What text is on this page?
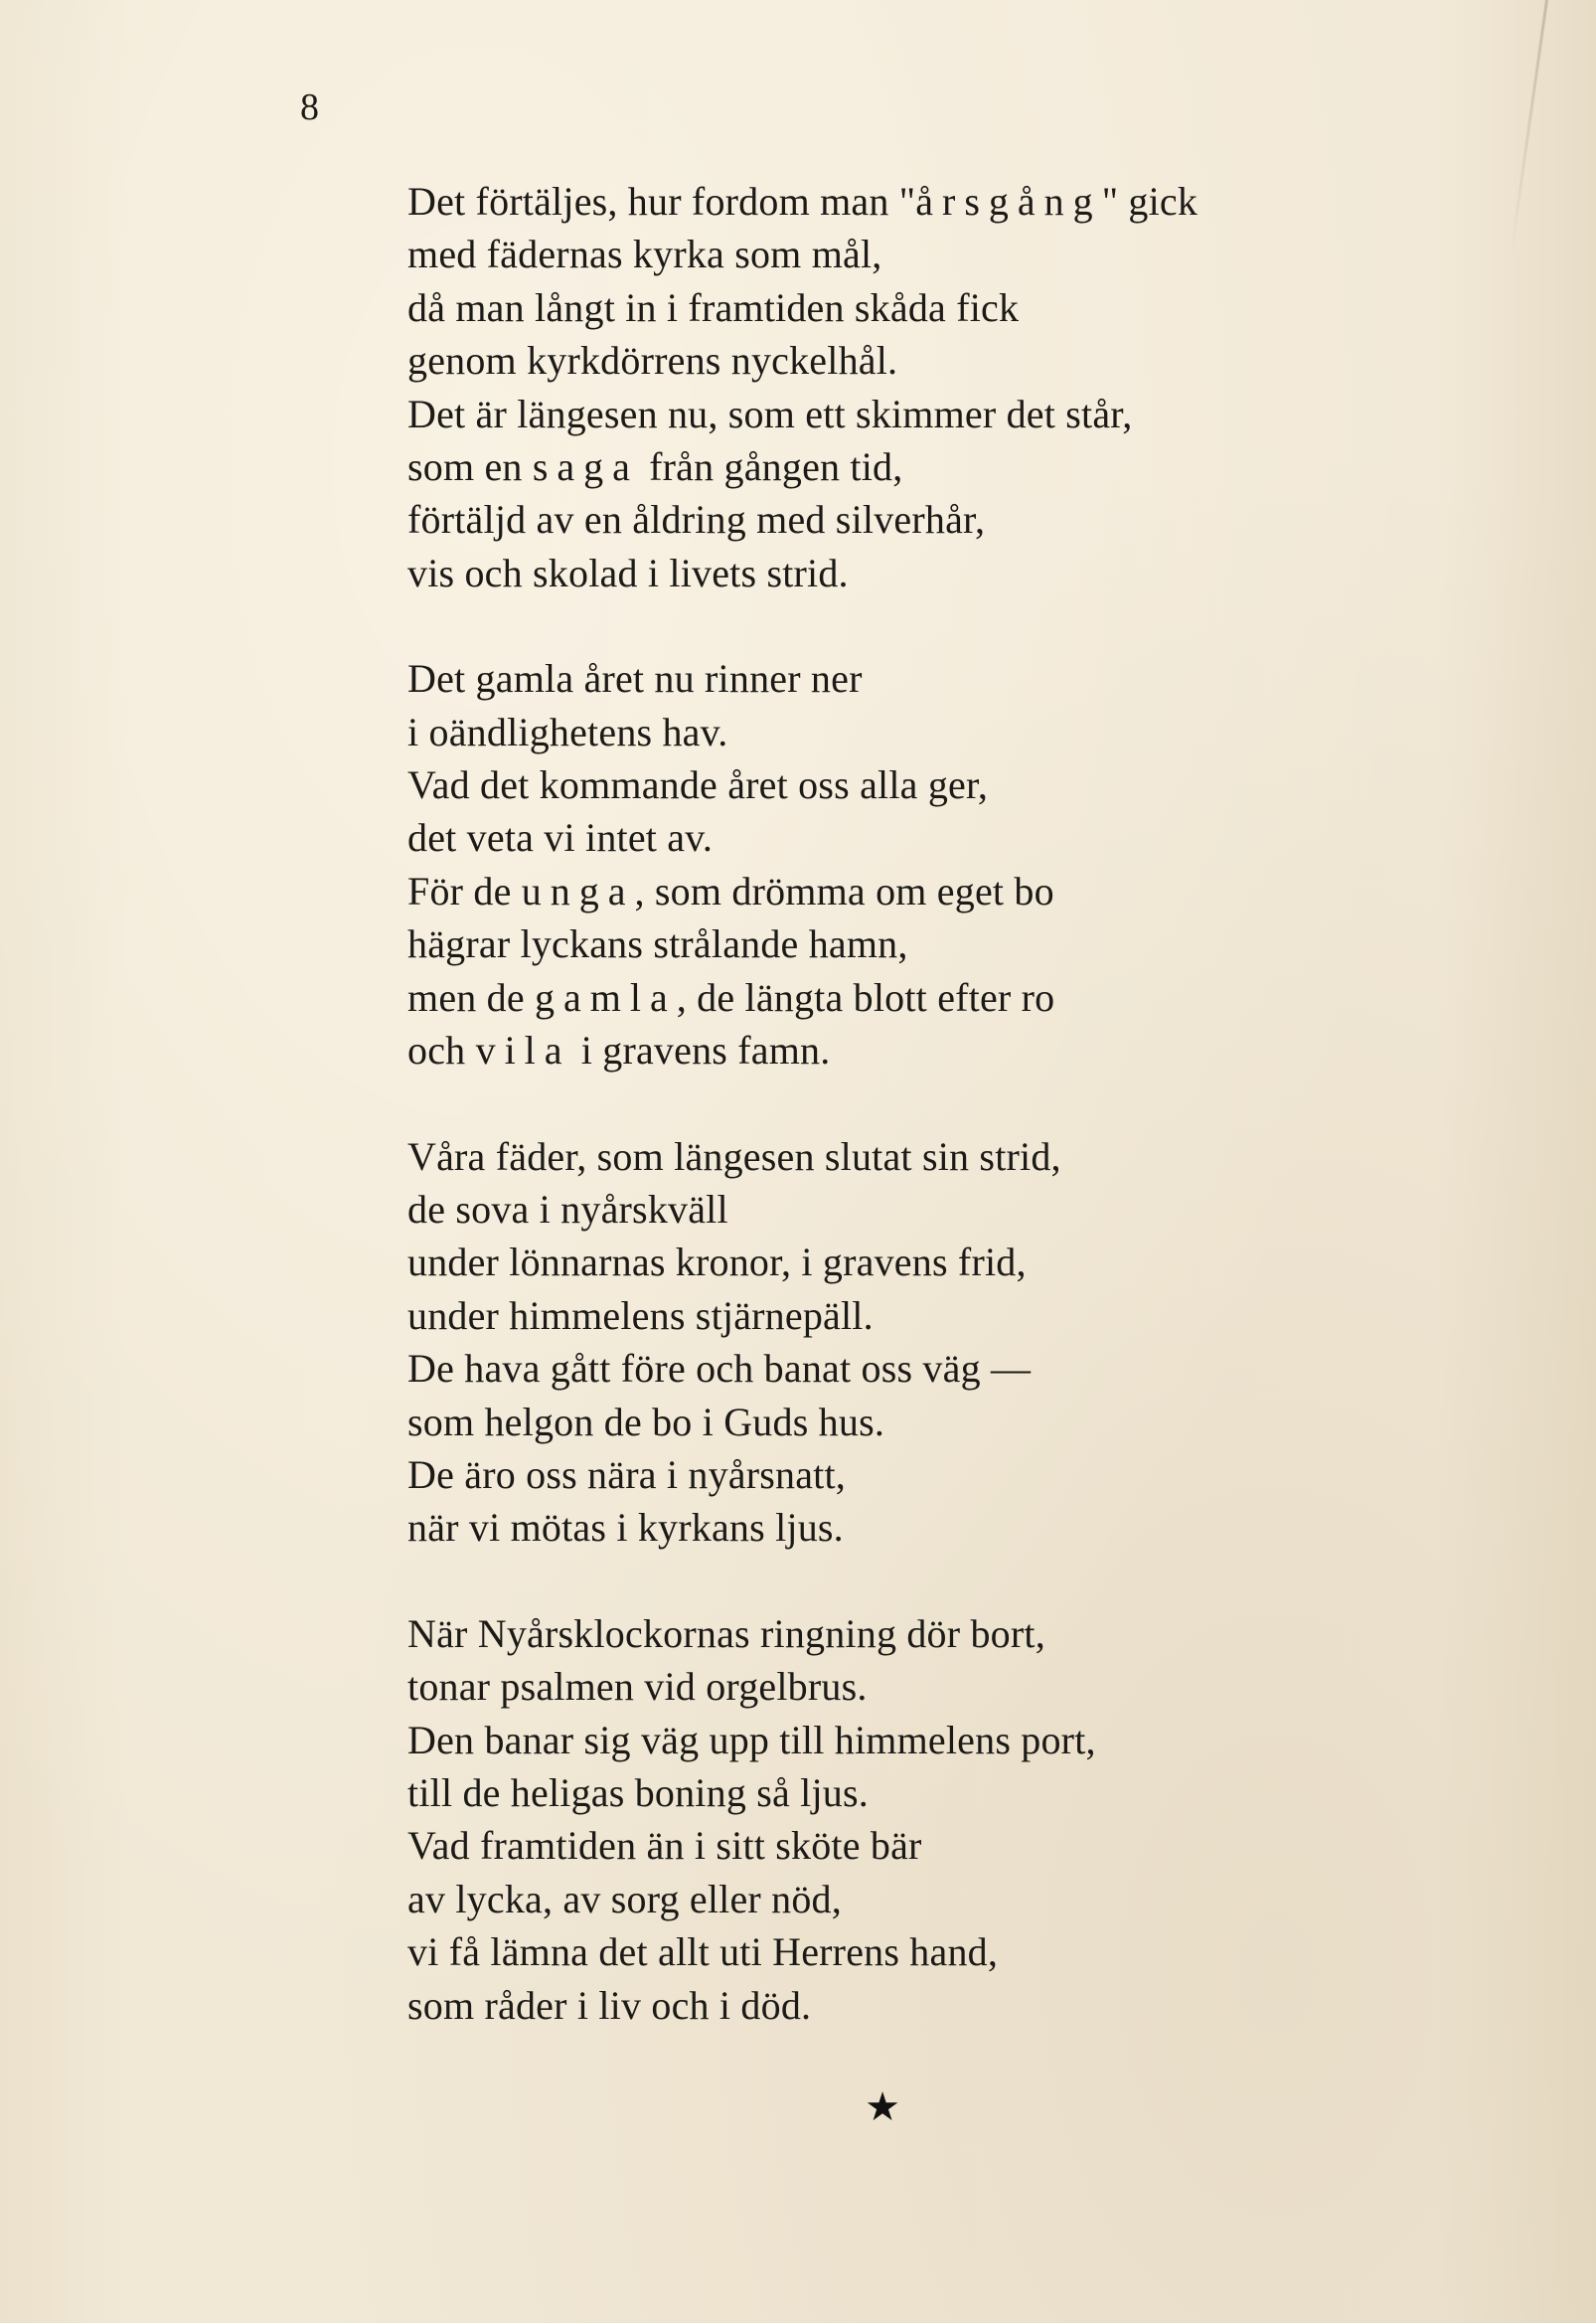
8
Det förtäljes, hur fordom man "årsgång" gick
med fädernas kyrka som mål,
då man långt in i framtiden skåda fick
genom kyrkdörrens nyckelhål.
Det är längesen nu, som ett skimmer det står,
som en saga från gången tid,
förtäljd av en åldring med silverhår,
vis och skolad i livets strid.
Det gamla året nu rinner ner
i oändlighetens hav.
Vad det kommande året oss alla ger,
det veta vi intet av.
För de unga, som drömma om eget bo
hägrar lyckans strålande hamn,
men de gamla, de längta blott efter ro
och vila i gravens famn.
Våra fäder, som längesen slutat sin strid,
de sova i nyårskväll
under lönnarnas kronor, i gravens frid,
under himmelens stjärnepäll.
De hava gått före och banat oss väg —
som helgon de bo i Guds hus.
De äro oss nära i nyårsnatt,
när vi mötas i kyrkans ljus.
När Nyårsklockornas ringning dör bort,
tonar psalmen vid orgelbrus.
Den banar sig väg upp till himmelens port,
till de heligas boning så ljus.
Vad framtiden än i sitt sköte bär
av lycka, av sorg eller nöd,
vi få lämna det allt uti Herrens hand,
som råder i liv och i död.
★
